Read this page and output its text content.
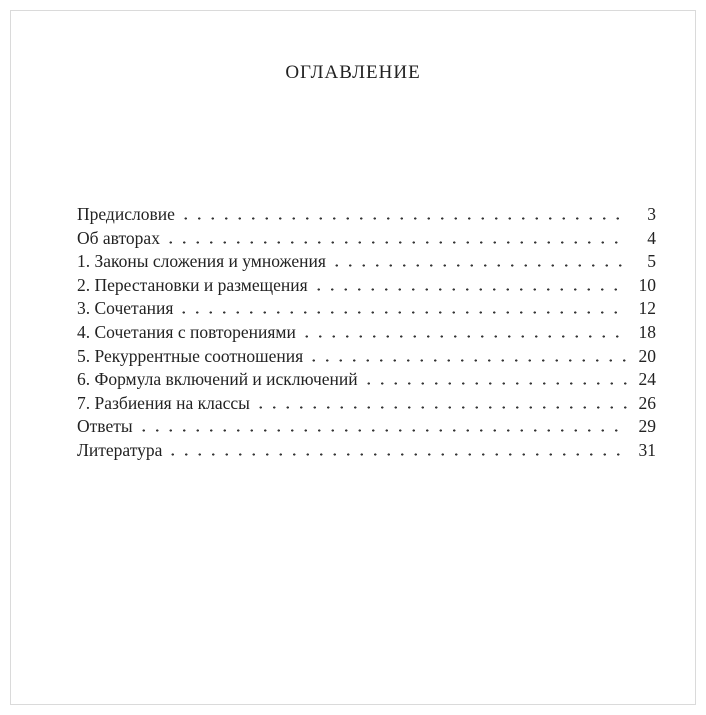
ОГЛАВЛЕНИЕ
Предисловие	3
Об авторах	4
1. Законы сложения и умножения	5
2. Перестановки и размещения	10
3. Сочетания	12
4. Сочетания с повторениями	18
5. Рекуррентные соотношения	20
6. Формула включений и исключений	24
7. Разбиения на классы	26
Ответы	29
Литература	31
